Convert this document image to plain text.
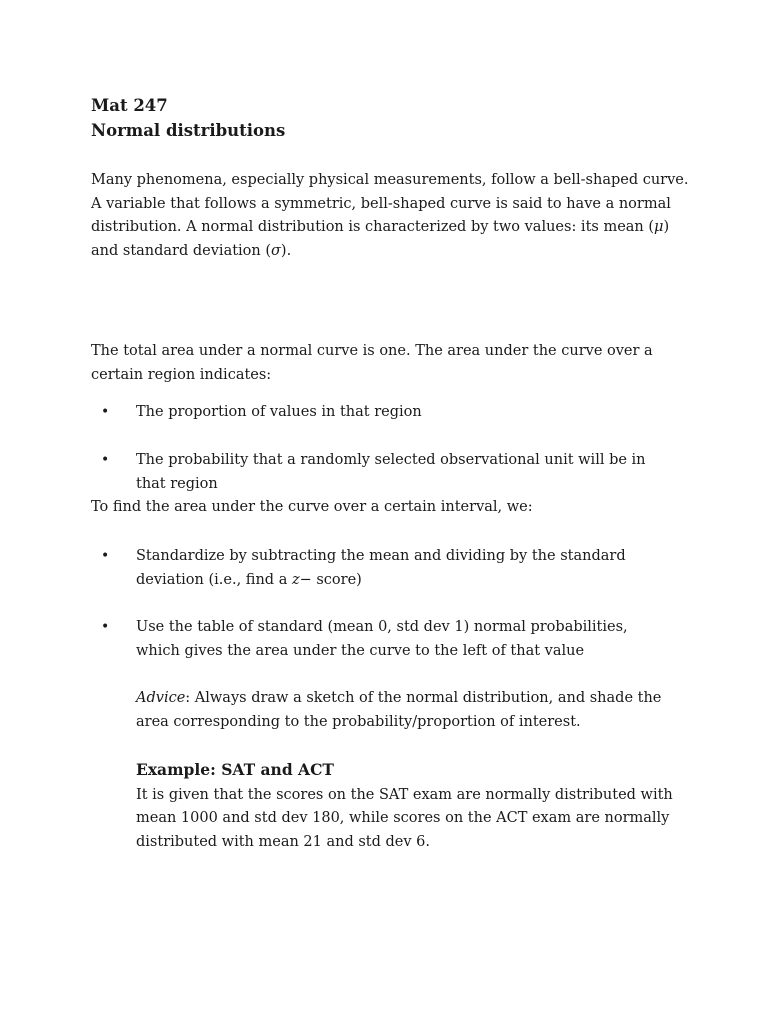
Mat 247
Normal distributions

Many phenomena, especially physical measurements, follow a bell-shaped curve. A variable that follows a symmetric, bell-shaped curve is said to have a normal distribution. A normal distribution is characterized by two values: its mean (μ) and standard deviation (σ).

The total area under a normal curve is one. The area under the curve over a certain region indicates:

• The proportion of values in that region

• The probability that a randomly selected observational unit will be in that region

To find the area under the curve over a certain interval, we:

• Standardize by subtracting the mean and dividing by the standard deviation (i.e., find a z− score)

• Use the table of standard (mean 0, std dev 1) normal probabilities, which gives the area under the curve to the left of that value

Advice: Always draw a sketch of the normal distribution, and shade the area corresponding to the probability/proportion of interest.

Example: SAT and ACT
It is given that the scores on the SAT exam are normally distributed with mean 1000 and std dev 180, while scores on the ACT exam are normally distributed with mean 21 and std dev 6.
